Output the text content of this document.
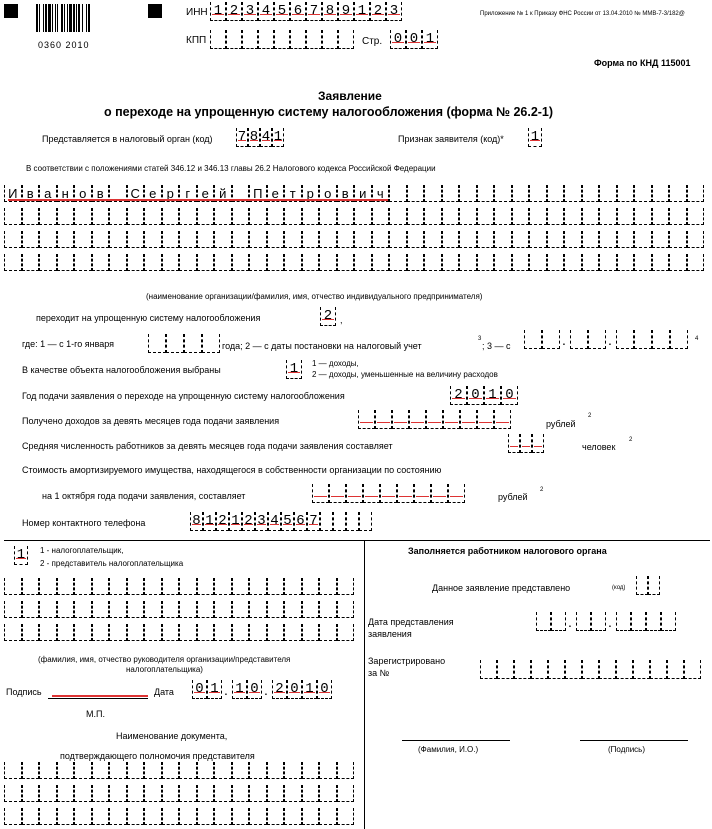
0360 2010
ИНН 1 2 3 4 5 6 7 8 9 1 2 3
КПП	Стр. 0 0 1
Приложение № 1 к Приказу ФНС России от 13.04.2010 № ММВ-7-3/182@
Форма по КНД 115001
Заявление
о переходе на упрощенную систему налогообложения (форма № 26.2-1)
Представляется в налоговый орган (код) 7 8 4 1	Признак заявителя (код)* 1
В соответствии с положениями статей 346.12 и 346.13 главы 26.2 Налогового кодекса Российской Федерации
И в а н о в	С е р г е й	П е т р о в и ч
(наименование организации/фамилия, имя, отчество индивидуального предпринимателя)
переходит на упрощенную систему налогообложения	2 ,
где: 1 — с 1-го января	года; 2 — с даты постановки на налоговый учет
3
; 3 — с	.	.	4
В качестве объекта налогообложения выбраны	1	1 — доходы,
2 — доходы, уменьшенные на величину расходов
Год подачи заявления о переходе на упрощенную систему налогообложения	2 0 1 0
Получено доходов за девять месяцев года подачи заявления	рублей
2
Средняя численность работников за девять месяцев года подачи заявления составляет	человек
2
Стоимость амортизируемого имущества, находящегося в собственности организации по состоянию
на 1 октября года подачи заявления, составляет	рублей
2
Номер контактного телефона	8 1 2 1 2 3 4 5 6 7
1	1 - налогоплательщик,
2 - представитель налогоплательщика
(фамилия, имя, отчество руководителя организации/представителя
налогоплательщика)
Подпись	Дата 0 1 . 1 0 . 2 0 1 0
М.П.
Наименование документа,
подтверждающего полномочия представителя
Заполняется работником налогового органа
Данное заявление представлено	(код)
Дата представления
заявления
.	.
Зарегистрировано
за №
(Фамилия, И.О.)	(Подпись)
